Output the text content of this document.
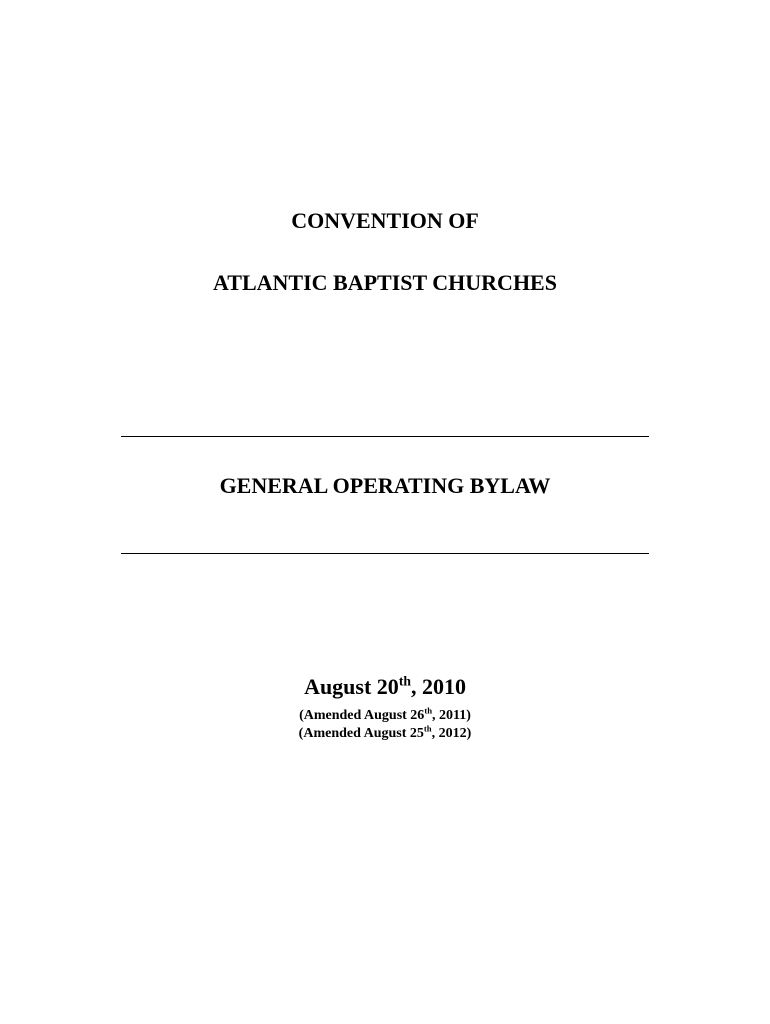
CONVENTION OF
ATLANTIC BAPTIST CHURCHES
GENERAL OPERATING BYLAW
August 20th, 2010
(Amended August 26th, 2011)
(Amended August 25th, 2012)
